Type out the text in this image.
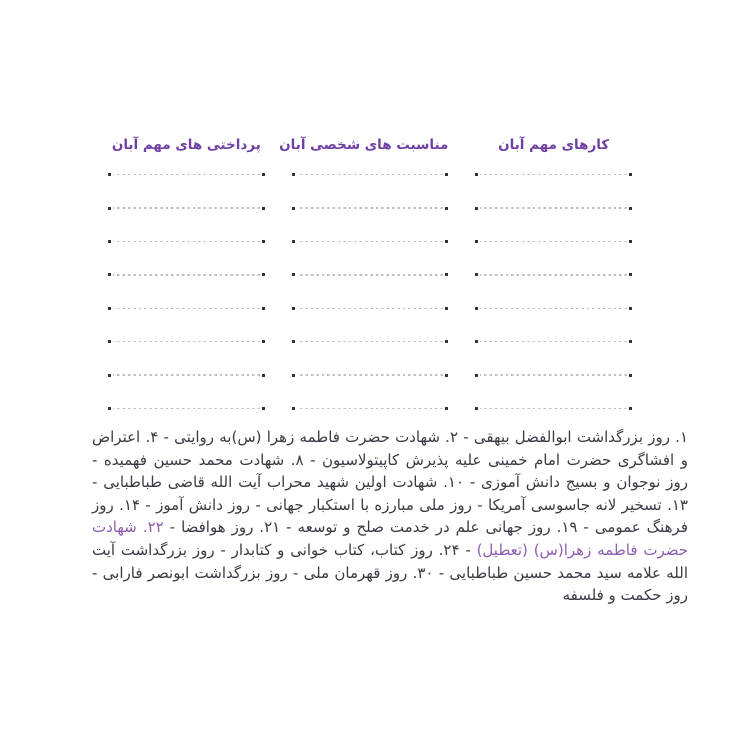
کارهای مهم آبان
مناسبت های شخصی آبان
پرداختی های مهم آبان

۱. روز بزرگداشت ابوالفضل بیهقی - ۲. شهادت حضرت فاطمه زهرا (س)به روایتی - ۴. اعتراض و افشاگری حضرت امام خمینی علیه پذیرش کاپیتولاسیون - ۸. شهادت محمد حسین فهمیده - روز نوجوان و بسیج دانش آموزی - ۱۰. شهادت اولین شهید محراب آیت الله قاضی طباطبایی - ۱۳. تسخیر لانه جاسوسی آمریکا - روز ملی مبارزه با استکبار جهانی - روز دانش آموز - ۱۴. روز فرهنگ عمومی - ۱۹. روز جهانی علم در خدمت صلح و توسعه - ۲۱. روز هوافضا - ۲۲. شهادت حضرت فاطمه زهرا(س) (تعطیل) - ۲۴. روز کتاب، کتاب خوانی و کتابدار - روز بزرگداشت آیت الله علامه سید محمد حسین طباطبایی - ۳۰. روز قهرمان ملی - روز بزرگداشت ابونصر فارابی - روز حکمت و فلسفه
